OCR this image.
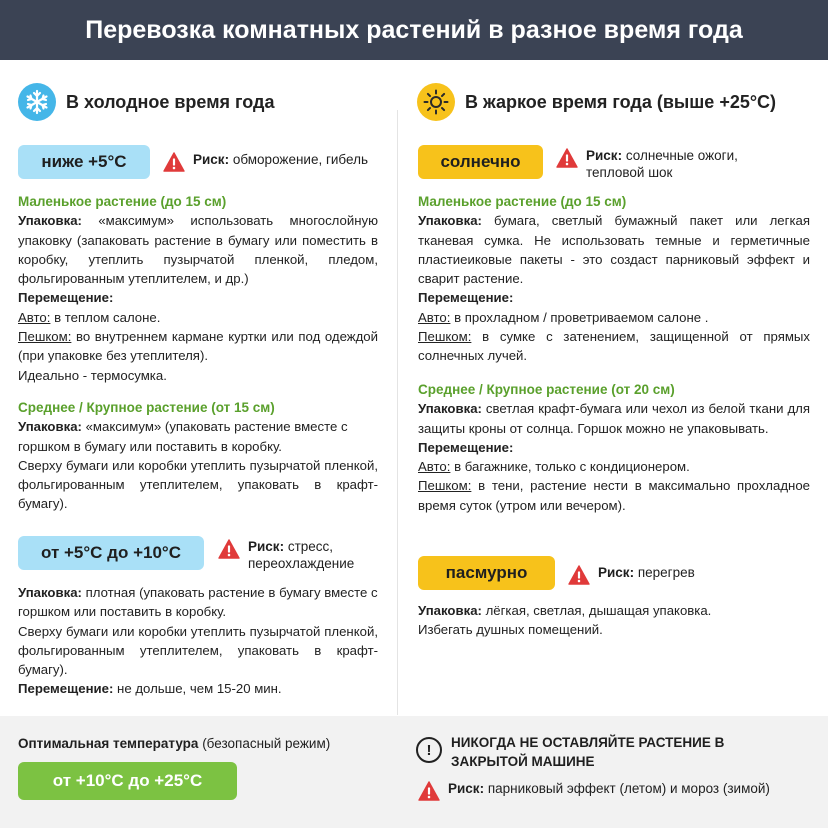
Перевозка комнатных растений в разное время года
В холодное время года
ниже +5°C	Риск: обморожение, гибель
Маленькое растение (до 15 см)
Упаковка: «максимум» использовать многослойную упаковку (запаковать растение в бумагу или поместить в коробку, утеплить пузырчатой пленкой, пледом, фольгированным утеплителем, и др.)
Перемещение:
Авто: в теплом салоне.
Пешком: во внутреннем кармане куртки или под одеждой (при упаковке без утеплителя).
Идеально - термосумка.
Среднее / Крупное растение (от 15 см)
Упаковка: «максимум» (упаковать растение вместе с горшком в бумагу или поставить в коробку.
Сверху бумаги или коробки утеплить пузырчатой пленкой, фольгированным утеплителем, упаковать в крафт-бумагу).
от +5°C до +10°C	Риск: стресс, переохлаждение
Упаковка: плотная (упаковать растение в бумагу вместе с горшком или поставить в коробку.
Сверху бумаги или коробки утеплить пузырчатой пленкой, фольгированным утеплителем, упаковать в крафт-бумагу).
Перемещение: не дольше, чем 15-20 мин.
В жаркое время года (выше +25°C)
солнечно	Риск: солнечные ожоги, тепловой шок
Маленькое растение (до 15 см)
Упаковка: бумага, светлый бумажный пакет или легкая тканевая сумка. Не использовать темные и герметичные пластиеиковые пакеты - это создаст парниковый эффект и сварит растение.
Перемещение:
Авто: в прохладном / проветриваемом салоне .
Пешком: в сумке с затенением, защищенной от прямых солнечных лучей.
Среднее / Крупное растение (от 20 см)
Упаковка: светлая крафт-бумага или чехол из белой ткани для защиты кроны от солнца. Горшок можно не упаковывать.
Перемещение:
Авто: в багажнике, только с кондиционером.
Пешком: в тени, растение нести в максимально прохладное время суток (утром или вечером).
пасмурно	Риск: перегрев
Упаковка: лёгкая, светлая, дышащая упаковка.
Избегать душных помещений.
Оптимальная температура (безопасный режим)
от +10°C до +25°C
!	НИКОГДА НЕ ОСТАВЛЯЙТЕ РАСТЕНИЕ В ЗАКРЫТОЙ МАШИНЕ
Риск: парниковый эффект (летом) и мороз (зимой)
